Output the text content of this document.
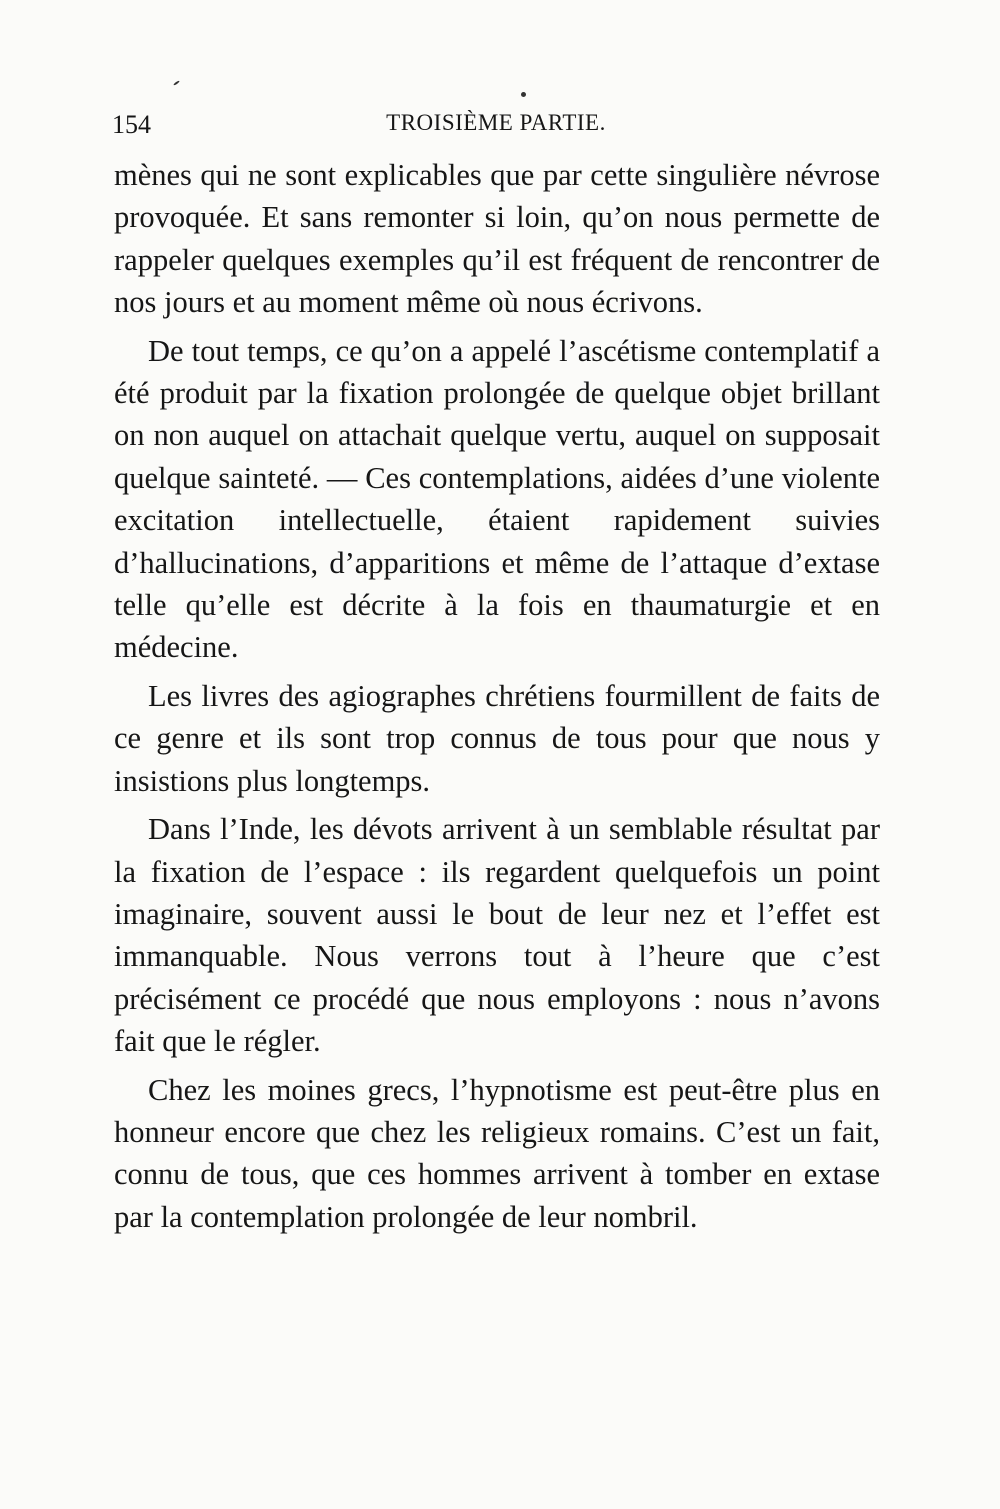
154	TROISIÈME PARTIE.

mènes qui ne sont explicables que par cette singulière névrose provoquée. Et sans remonter si loin, qu’on nous permette de rappeler quelques exemples qu’il est fréquent de rencontrer de nos jours et au moment même où nous écrivons.

De tout temps, ce qu’on a appelé l’ascétisme contemplatif a été produit par la fixation prolongée de quelque objet brillant on non auquel on attachait quelque vertu, auquel on supposait quelque sainteté. — Ces contemplations, aidées d’une violente excitation intellectuelle, étaient rapidement suivies d’hallucinations, d’apparitions et même de l’attaque d’extase telle qu’elle est décrite à la fois en thaumaturgie et en médecine.

Les livres des agiographes chrétiens fourmillent de faits de ce genre et ils sont trop connus de tous pour que nous y insistions plus longtemps.

Dans l’Inde, les dévots arrivent à un semblable résultat par la fixation de l’espace : ils regardent quelquefois un point imaginaire, souvent aussi le bout de leur nez et l’effet est immanquable. Nous verrons tout à l’heure que c’est précisément ce procédé que nous employons : nous n’avons fait que le régler.

Chez les moines grecs, l’hypnotisme est peut-être plus en honneur encore que chez les religieux romains. C’est un fait, connu de tous, que ces hommes arrivent à tomber en extase par la contemplation prolongée de leur nombril.
